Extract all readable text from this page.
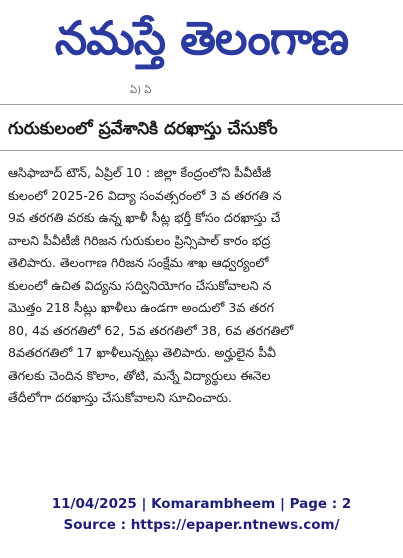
నమస్తే తెలంగాణ
ఏ) ఏ
గురుకులంలో ప్రవేశానికి దరఖాస్తు చేసుకోం
ఆసిఫాబాద్ టౌన్, ఏప్రిల్ 10 : జిల్లా కేంద్రంలోని పీవీటీజీ
కులంలో 2025-26 విద్యా సంవత్సరంలో 3 వ తరగతి న
9వ తరగతి వరకు ఉన్న ఖాళీ సీట్ల భర్తీ కోసం దరఖాస్తు చే
వాలని పీవీటీజీ గిరిజన గురుకులం ప్రిన్సిపాల్ కారం భద్ర
తెలిపారు. తెలంగాణ గిరిజన సంక్షేమ శాఖ ఆధ్వర్యంలో
కులంలో ఉచిత విద్యను సద్వినియోగం చేసుకోవాలని న
మొత్తం 218 సీట్లు ఖాళీలు ఉండగా అందులో 3వ తరగ
80, 4వ తరగతిలో 62, 5వ తరగతిలో 38, 6వ తరగతిలో
8వతరగతిలో 17 ఖాళీలున్నట్లు తెలిపారు. అర్హులైన పీవీ
తెగలకు చెందిన కొలాం, తోటి, మన్నే విద్యార్థులు ఈనెల
తేదీలోగా దరఖాస్తు చేసుకోవాలని సూచించారు.
11/04/2025 | Komarambheem | Page : 2
Source : https://epaper.ntnews.com/
